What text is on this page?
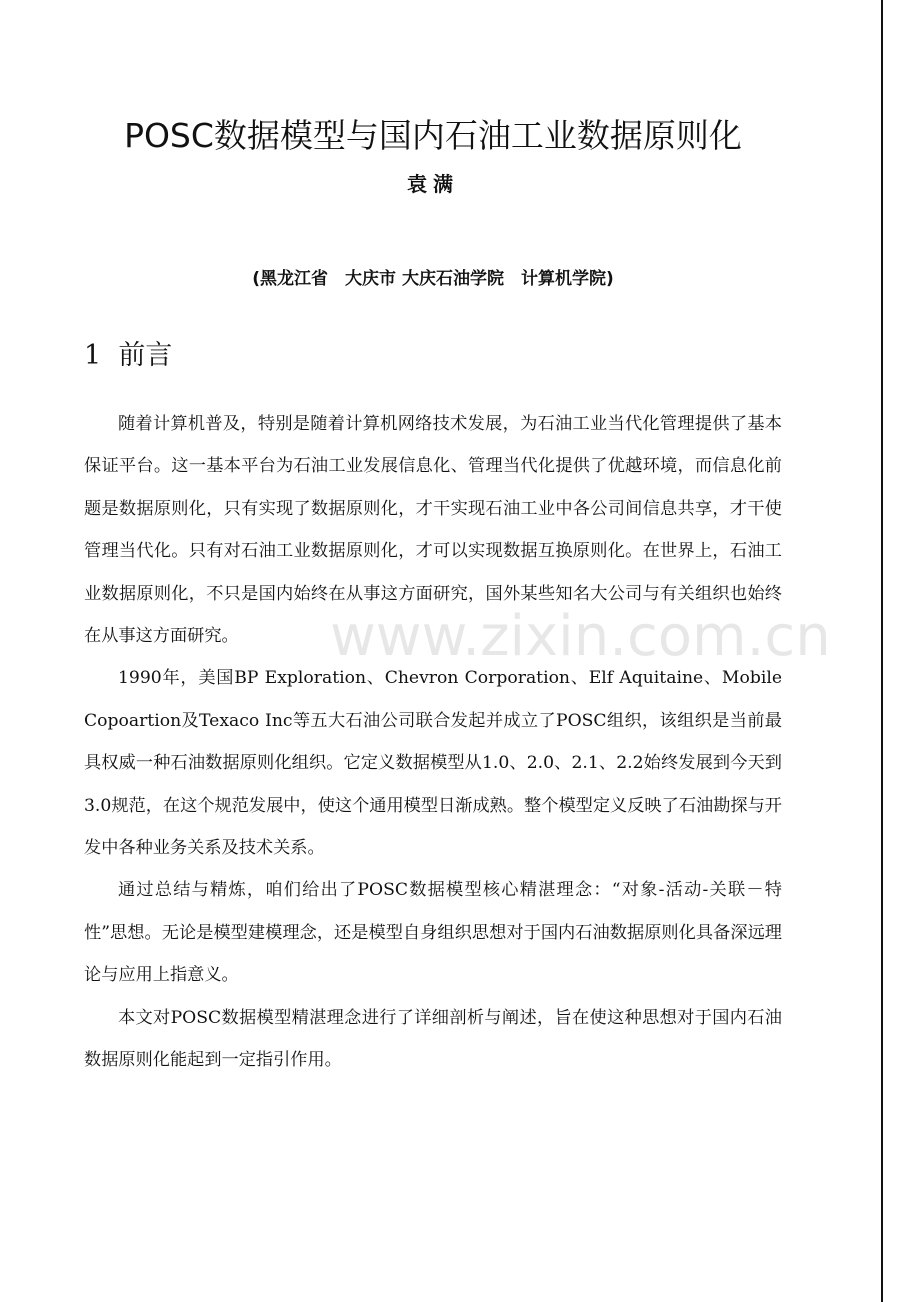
www.zixin.com.cn
POSC数据模型与国内石油工业数据原则化
袁满
(黑龙江省　大庆市 大庆石油学院　计算机学院)
1 前言

随着计算机普及，特别是随着计算机网络技术发展，为石油工业当代化管理提供了基本保证平台。这一基本平台为石油工业发展信息化、管理当代化提供了优越环境，而信息化前题是数据原则化，只有实现了数据原则化，才干实现石油工业中各公司间信息共享，才干使管理当代化。只有对石油工业数据原则化，才可以实现数据互换原则化。在世界上，石油工业数据原则化，不只是国内始终在从事这方面研究，国外某些知名大公司与有关组织也始终在从事这方面研究。

1990年，美国BP Exploration、Chevron Corporation、Elf Aquitaine、Mobile Copoartion及Texaco Inc等五大石油公司联合发起并成立了POSC组织，该组织是当前最具权威一种石油数据原则化组织。它定义数据模型从1.0、2.0、2.1、2.2始终发展到今天到3.0规范，在这个规范发展中，使这个通用模型日渐成熟。整个模型定义反映了石油勘探与开发中各种业务关系及技术关系。

通过总结与精炼，咱们给出了POSC数据模型核心精湛理念：“对象-活动-关联－特性”思想。无论是模型建模理念，还是模型自身组织思想对于国内石油数据原则化具备深远理论与应用上指意义。

本文对POSC数据模型精湛理念进行了详细剖析与阐述，旨在使这种思想对于国内石油数据原则化能起到一定指引作用。
